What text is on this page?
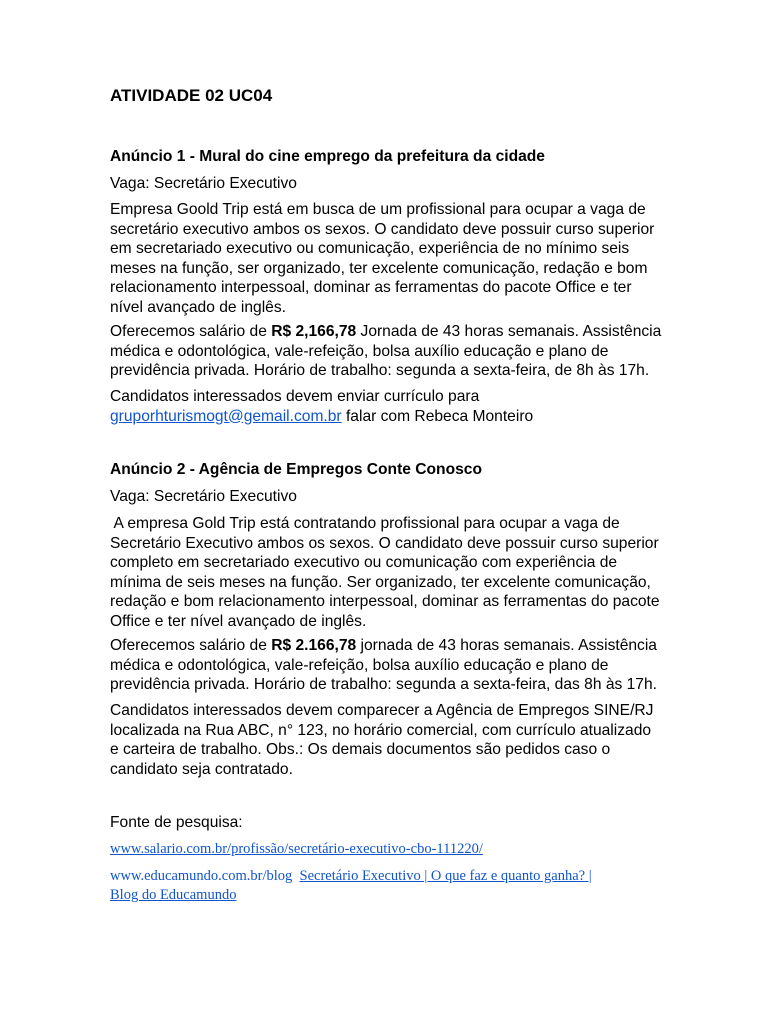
ATIVIDADE 02 UC04
Anúncio 1 - Mural do cine emprego da prefeitura da cidade
Vaga: Secretário Executivo
Empresa Goold Trip está em busca de um profissional para ocupar a vaga de
secretário executivo ambos os sexos. O candidato deve possuir curso superior
em secretariado executivo ou comunicação, experiência de no mínimo seis
meses na função, ser organizado, ter excelente comunicação, redação e bom
relacionamento interpessoal, dominar as ferramentas do pacote Office e ter
nível avançado de inglês.
Oferecemos salário de R$ 2,166,78 Jornada de 43 horas semanais. Assistência
médica e odontológica, vale-refeição, bolsa auxílio educação e plano de
previdência privada. Horário de trabalho: segunda a sexta-feira, de 8h às 17h.
Candidatos interessados devem enviar currículo para
gruporhturismogt@gemail.com.br falar com Rebeca Monteiro
Anúncio 2 - Agência de Empregos Conte Conosco
Vaga: Secretário Executivo
A empresa Gold Trip está contratando profissional para ocupar a vaga de
Secretário Executivo ambos os sexos. O candidato deve possuir curso superior
completo em secretariado executivo ou comunicação com experiência de
mínima de seis meses na função. Ser organizado, ter excelente comunicação,
redação e bom relacionamento interpessoal, dominar as ferramentas do pacote
Office e ter nível avançado de inglês.
Oferecemos salário de R$ 2.166,78 jornada de 43 horas semanais. Assistência
médica e odontológica, vale-refeição, bolsa auxílio educação e plano de
previdência privada. Horário de trabalho: segunda a sexta-feira, das 8h às 17h.
Candidatos interessados devem comparecer a Agência de Empregos SINE/RJ
localizada na Rua ABC, n° 123, no horário comercial, com currículo atualizado
e carteira de trabalho. Obs.: Os demais documentos são pedidos caso o
candidato seja contratado.
Fonte de pesquisa:
www.salario.com.br/profissão/secretário-executivo-cbo-111220/
www.educamundo.com.br/blog Secretário Executivo | O que faz e quanto ganha? |
Blog do Educamundo
